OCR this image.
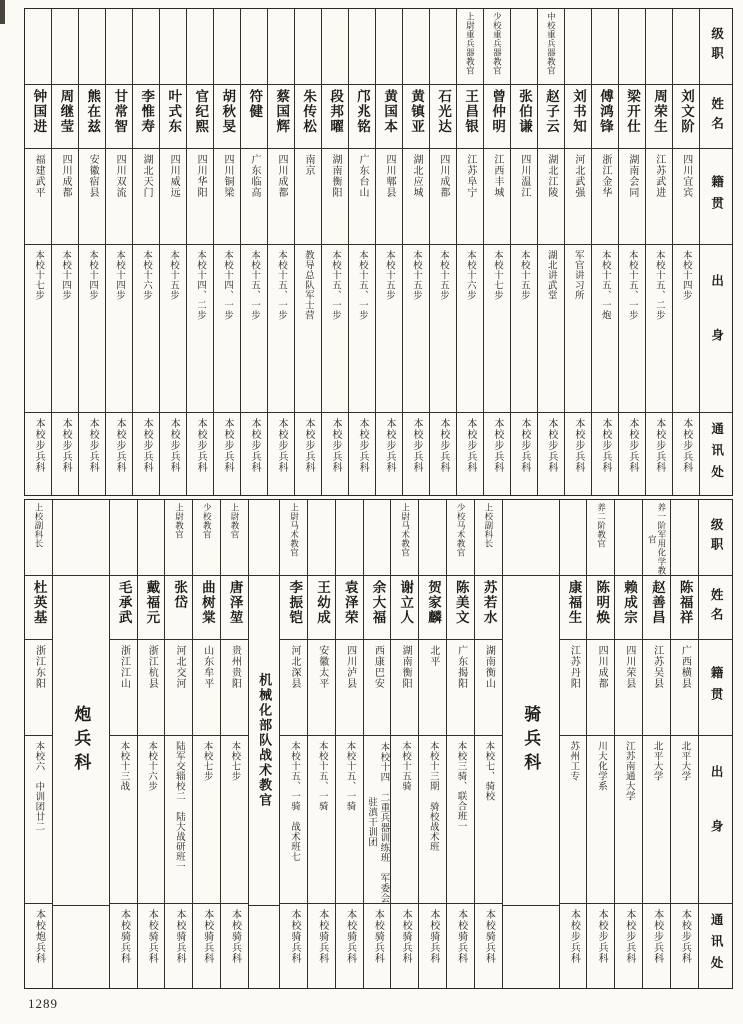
级职
姓名
籍贯
出身
通讯处
刘文阶
四川宜宾
本校十四步
本校步兵科
周荣生
江苏武进
本校十五、二步
本校步兵科
梁开仕
湖南会同
本校十五、一步
本校步兵科
傅鸿锋
浙江金华
本校十五、一炮
本校步兵科
刘书知
河北武强
军官讲习所
本校步兵科
中校重兵器教官
赵子云
湖北江陵
湖北讲武堂
本校步兵科
张伯谦
四川温江
本校十五步
本校步兵科
少校重兵器教官
曾仲明
江西丰城
本校十七步
本校步兵科
上尉重兵器教官
王昌银
江苏阜宁
本校十六步
本校步兵科
石光达
四川成都
本校十五步
本校步兵科
黄镇亚
湖北应城
本校十五步
本校步兵科
黄国本
四川郫县
本校十五步
本校步兵科
邝兆铭
广东台山
本校十五、一步
本校步兵科
段邦曜
湖南衡阳
本校十五、一步
本校步兵科
朱传松
南京
教导总队军士营
本校步兵科
蔡国辉
四川成都
本校十五、一步
本校步兵科
符健
广东临高
本校十五、一步
本校步兵科
胡秋旻
四川铜梁
本校十四、一步
本校步兵科
官纪熙
四川华阳
本校十四、二步
本校步兵科
叶式东
四川威远
本校十五步
本校步兵科
李惟寿
湖北天门
本校十六步
本校步兵科
甘常智
四川双流
本校十四步
本校步兵科
熊在兹
安徽宿县
本校十四步
本校步兵科
周继莹
四川成都
本校十四步
本校步兵科
钟国进
福建武平
本校十七步
本校步兵科
级职
姓名
籍贯
出身
通讯处
陈福祥
广西横县
北平大学
本校步兵科
养一阶军用化学教官
赵善昌
江苏吴县
北平大学
本校步兵科
赖成宗
四川荣县
江苏南通大学
本校步兵科
养二阶教官
陈明焕
四川成都
川大化学系
本校步兵科
康福生
江苏丹阳
苏州工专
本校步兵科
骑兵科
上校副科长
苏若水
湖南衡山
本校七、骑校
本校骑兵科
少校马术教官
陈美文
广东揭阳
本校三骑、联合班一
本校骑兵科
贺家麟
北平
本校十三期 骑校战术班
本校骑兵科
上尉马术教官
谢立人
湖南衡阳
本校十五骑
本校骑兵科
余大福
西康巴安
本校十四 二重兵器训练班 军委会驻滇干训团
本校骑兵科
袁泽荣
四川泸县
本校十五、一骑
本校骑兵科
王幼成
安徽太平
本校十五、一骑
本校骑兵科
上尉马术教官
李振铠
河北深县
本校十五、一骑 战术班七
本校骑兵科
机械化部队战术教官
上尉教官
唐泽堃
贵州贵阳
本校七步
本校骑兵科
少校教官
曲树棠
山东牟平
本校七步
本校骑兵科
上尉教官
张岱
河北交河
陆军交辎校二 陆大战研班一
本校骑兵科
戴福元
浙江杭县
本校十六步
本校骑兵科
毛承武
浙江江山
本校十三战
本校骑兵科
炮兵科
上校副科长
杜英基
浙江东阳
本校六 中训团廿二
本校炮兵科
1289
